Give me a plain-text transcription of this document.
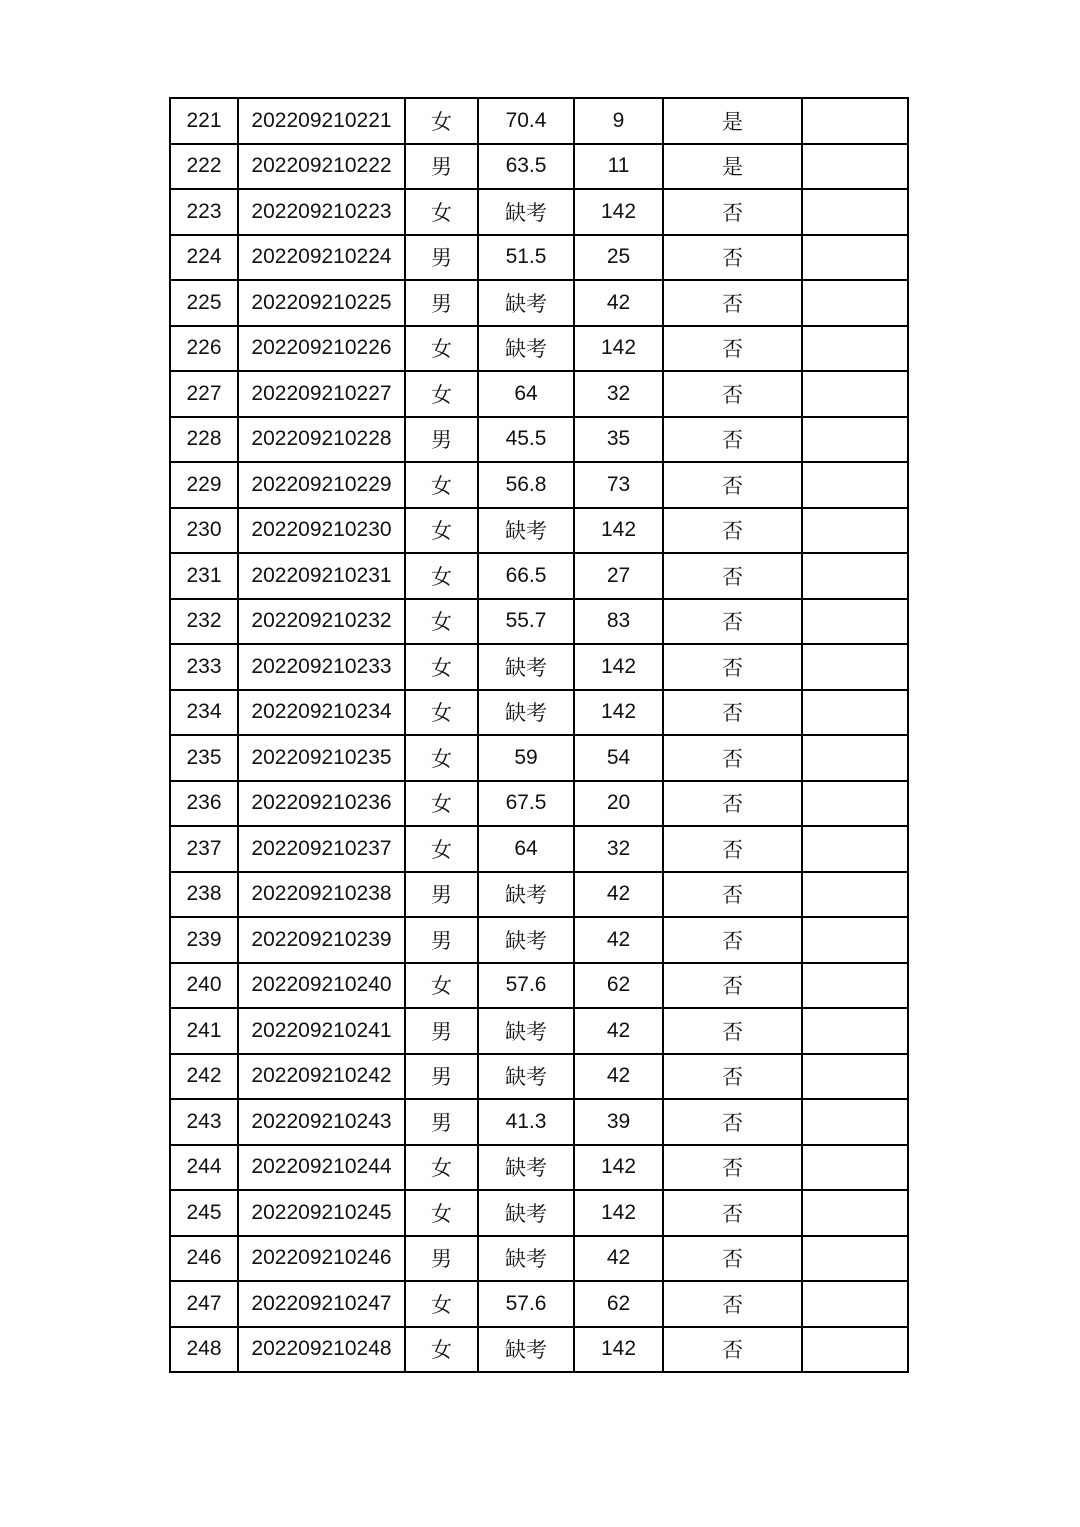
221	202209210221	女	70.4	9	是	
222	202209210222	男	63.5	11	是	
223	202209210223	女	缺考	142	否	
224	202209210224	男	51.5	25	否	
225	202209210225	男	缺考	42	否	
226	202209210226	女	缺考	142	否	
227	202209210227	女	64	32	否	
228	202209210228	男	45.5	35	否	
229	202209210229	女	56.8	73	否	
230	202209210230	女	缺考	142	否	
231	202209210231	女	66.5	27	否	
232	202209210232	女	55.7	83	否	
233	202209210233	女	缺考	142	否	
234	202209210234	女	缺考	142	否	
235	202209210235	女	59	54	否	
236	202209210236	女	67.5	20	否	
237	202209210237	女	64	32	否	
238	202209210238	男	缺考	42	否	
239	202209210239	男	缺考	42	否	
240	202209210240	女	57.6	62	否	
241	202209210241	男	缺考	42	否	
242	202209210242	男	缺考	42	否	
243	202209210243	男	41.3	39	否	
244	202209210244	女	缺考	142	否	
245	202209210245	女	缺考	142	否	
246	202209210246	男	缺考	42	否	
247	202209210247	女	57.6	62	否	
248	202209210248	女	缺考	142	否	
